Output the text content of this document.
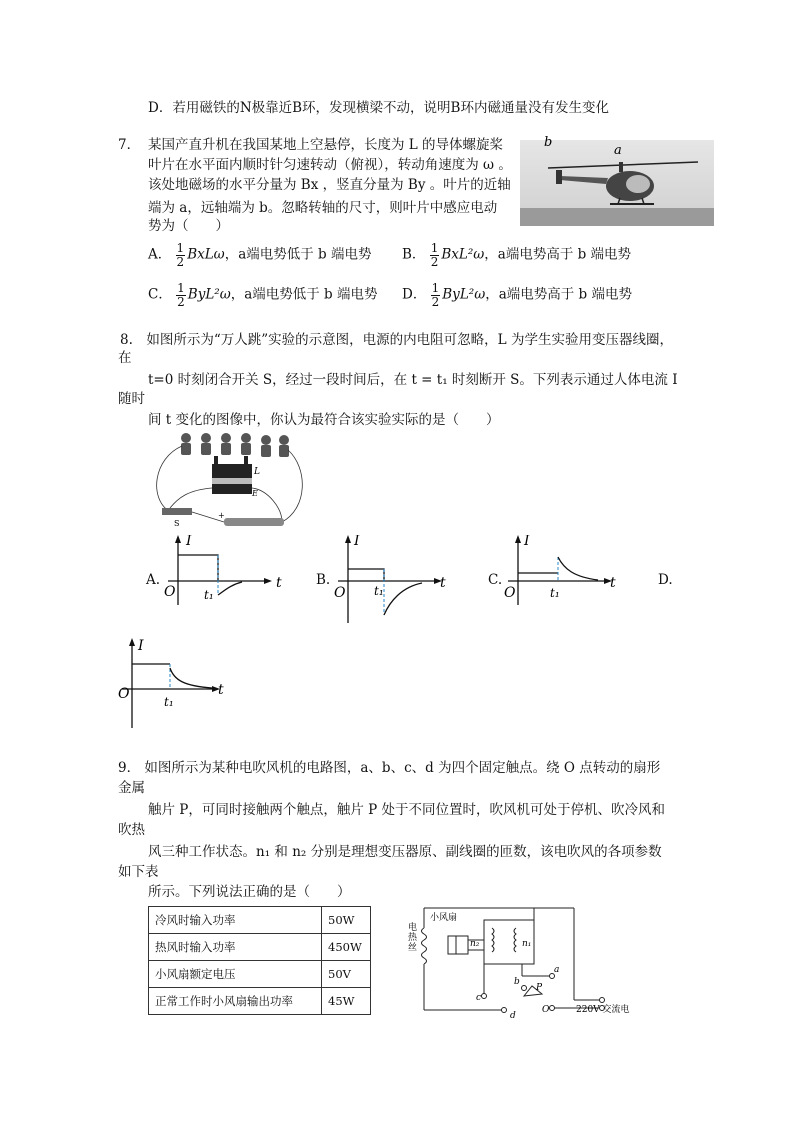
D．若用磁铁的N极靠近B环，发现横梁不动，说明B环内磁通量没有发生变化
7． 某国产直升机在我国某地上空悬停，长度为 L 的导体螺旋桨
叶片在水平面内顺时针匀速转动（俯视），转动角速度为 ω 。
该处地磁场的水平分量为 Bx ，竖直分量为 By 。叶片的近轴
端为 a，远轴端为 b。忽略转轴的尺寸，则叶片中感应电动
势为（　　）
b
a
A． $\frac{1}{2}$ BxLω，a端电势低于 b 端电势 B． $\frac{1}{2} BxL^2\omega$，a端电势高于 b 端电势
C． $\frac{1}{2} ByL^2\omega$，a端电势低于 b 端电势 D． $\frac{1}{2} ByL^2\omega$，a端电势高于 b 端电势
8.　如图所示为“万人跳”实验的示意图，电源的内电阻可忽略，L 为学生实验用变压器线圈，
在
t=0 时刻闭合开关 S，经过一段时间后，在 t = t₁ 时刻断开 S。下列表示通过人体电流 I
随时
间 t 变化的图像中，你认为最符合该实验实际的是（　　）
L
E
S
+
A.
I
t
O t₁
B.
I
t
O t₁
C.
I
t
O	t₁
D.
I
t
O	t₁
9． 如图所示为某种电吹风机的电路图，a、b、c、d 为四个固定触点。绕 O 点转动的扇形
金属
触片 P，可同时接触两个触点，触片 P 处于不同位置时，吹风机可处于停机、吹冷风和
吹热
风三种工作状态。n₁ 和 n₂ 分别是理想变压器原、副线圈的匝数，该电吹风的各项参数
如下表
所示。下列说法正确的是（　　）
冷风时输入功率	50W
热风时输入功率	450W
小风扇额定电压	50V
正常工作时小风扇输出功率	45W
小风扇
电
热
丝	n₂	n₁
a
b
c
d
P
O	220V 交流电
